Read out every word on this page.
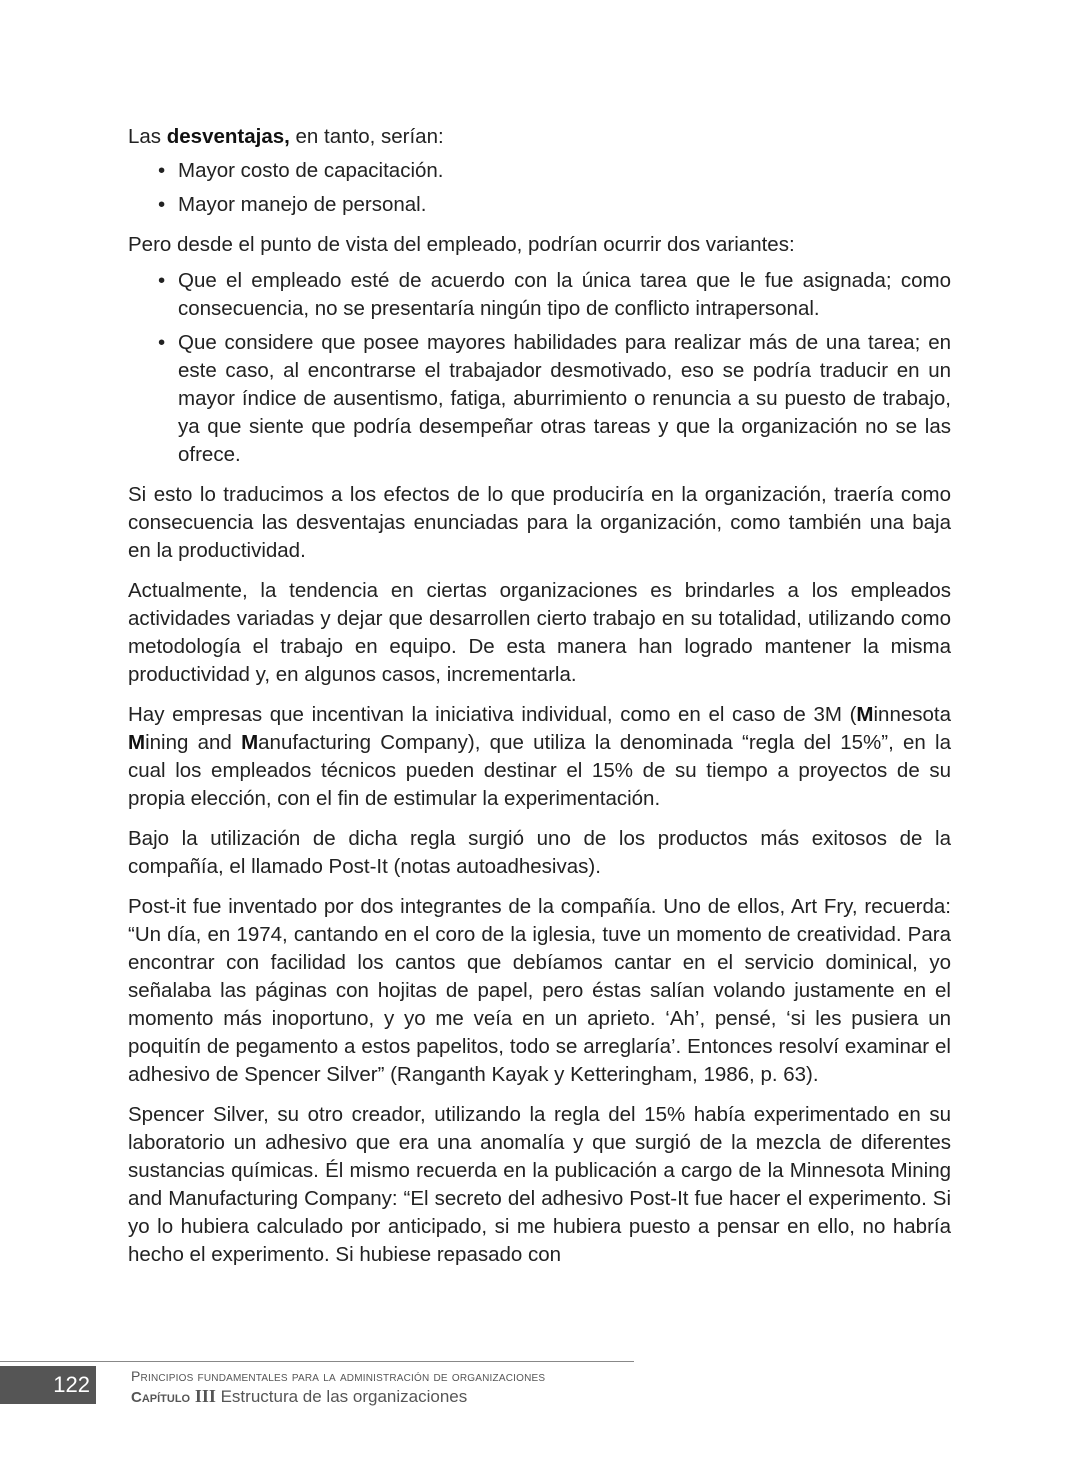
Las desventajas, en tanto, serían:

• Mayor costo de capacitación.
• Mayor manejo de personal.

Pero desde el punto de vista del empleado, podrían ocurrir dos variantes:

• Que el empleado esté de acuerdo con la única tarea que le fue asignada; como consecuencia, no se presentaría ningún tipo de conflicto intrapersonal.
• Que considere que posee mayores habilidades para realizar más de una tarea; en este caso, al encontrarse el trabajador desmotivado, eso se podría traducir en un mayor índice de ausentismo, fatiga, aburrimiento o renuncia a su puesto de trabajo, ya que siente que podría desempeñar otras tareas y que la organización no se las ofrece.

Si esto lo traducimos a los efectos de lo que produciría en la organización, traería como consecuencia las desventajas enunciadas para la organización, como también una baja en la productividad.

Actualmente, la tendencia en ciertas organizaciones es brindarles a los empleados actividades variadas y dejar que desarrollen cierto trabajo en su totalidad, utilizando como metodología el trabajo en equipo. De esta manera han logrado mantener la misma productividad y, en algunos casos, incrementarla.

Hay empresas que incentivan la iniciativa individual, como en el caso de 3M (Minnesota Mining and Manufacturing Company), que utiliza la denominada “regla del 15%”, en la cual los empleados técnicos pueden destinar el 15% de su tiempo a proyectos de su propia elección, con el fin de estimular la experimentación.

Bajo la utilización de dicha regla surgió uno de los productos más exitosos de la compañía, el llamado Post-It (notas autoadhesivas).

Post-it fue inventado por dos integrantes de la compañía. Uno de ellos, Art Fry, recuerda: “Un día, en 1974, cantando en el coro de la iglesia, tuve un momento de creatividad. Para encontrar con facilidad los cantos que debíamos cantar en el servicio dominical, yo señalaba las páginas con hojitas de papel, pero éstas salían volando justamente en el momento más inoportuno, y yo me veía en un aprieto. ‘Ah’, pensé, ‘si les pusiera un poquitín de pegamento a estos papelitos, todo se arreglaría’. Entonces resolví examinar el adhesivo de Spencer Silver” (Ranganth Kayak y Ketteringham, 1986, p. 63).

Spencer Silver, su otro creador, utilizando la regla del 15% había experimentado en su laboratorio un adhesivo que era una anomalía y que surgió de la mezcla de diferentes sustancias químicas. Él mismo recuerda en la publicación a cargo de la Minnesota Mining and Manufacturing Company: “El secreto del adhesivo Post-It fue hacer el experimento. Si yo lo hubiera calculado por anticipado, si me hubiera puesto a pensar en ello, no habría hecho el experimento. Si hubiese repasado con

122	Principios fundamentales para la administración de organizaciones
Capítulo III Estructura de las organizaciones
